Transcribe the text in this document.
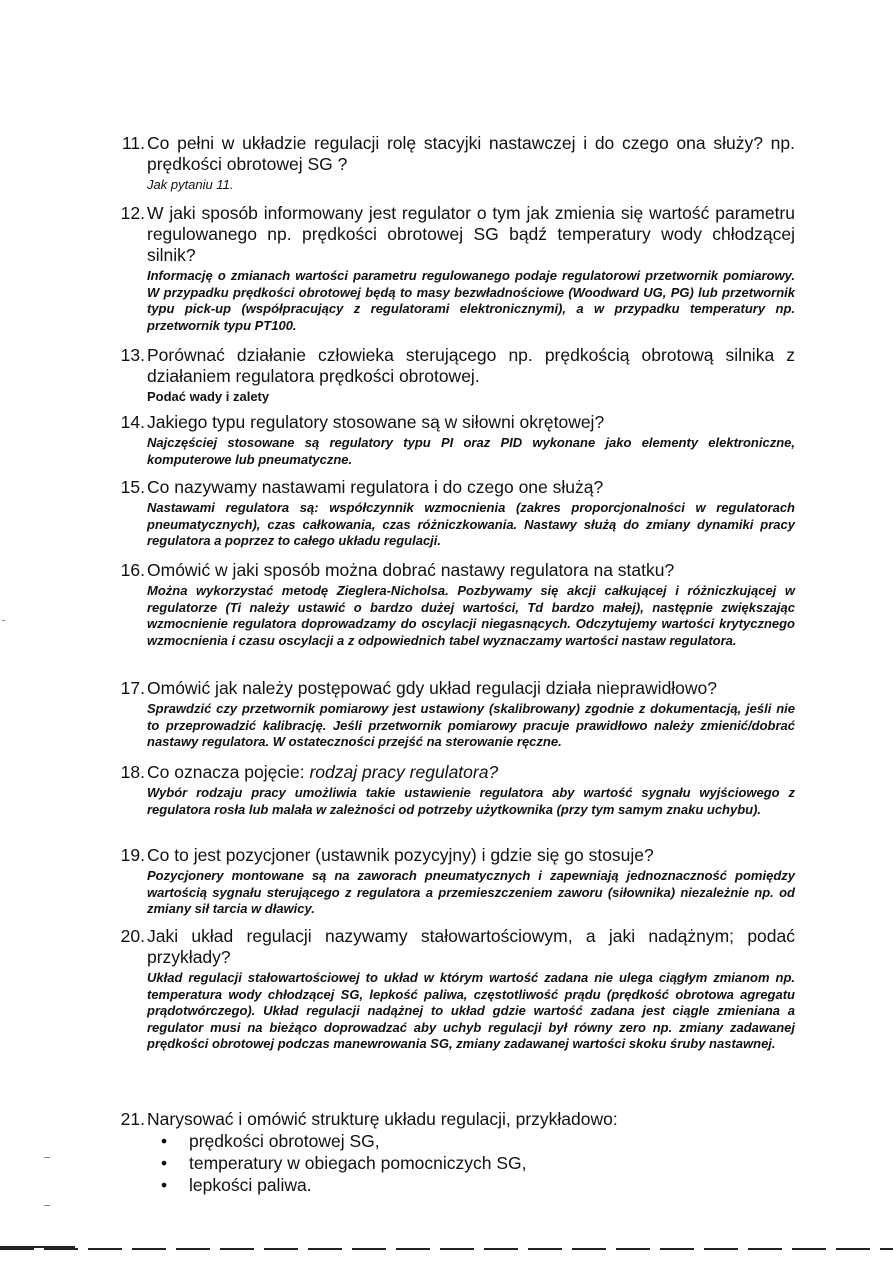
11. Co pełni w układzie regulacji rolę stacyjki nastawczej i do czego ona służy? np. prędkości obrotowej SG ?
Jak pytaniu 11.
12. W jaki sposób informowany jest regulator o tym jak zmienia się wartość parametru regulowanego np. prędkości obrotowej SG bądź temperatury wody chłodzącej silnik?
Informację o zmianach wartości parametru regulowanego podaje regulatorowi przetwornik pomiarowy. W przypadku prędkości obrotowej będą to masy bezwładnościowe (Woodward UG, PG) lub przetwornik typu pick-up (współpracujący z regulatorami elektronicznymi), a w przypadku temperatury np. przetwornik typu PT100.
13. Porównać działanie człowieka sterującego np. prędkością obrotową silnika z działaniem regulatora prędkości obrotowej.
Podać wady i zalety
14. Jakiego typu regulatory stosowane są w siłowni okrętowej?
Najczęściej stosowane są regulatory typu PI oraz PID wykonane jako elementy elektroniczne, komputerowe lub pneumatyczne.
15. Co nazywamy nastawami regulatora i do czego one służą?
Nastawami regulatora są: współczynnik wzmocnienia (zakres proporcjonalności w regulatorach pneumatycznych), czas całkowania, czas różniczkowania. Nastawy służą do zmiany dynamiki pracy regulatora a poprzez to całego układu regulacji.
16. Omówić w jaki sposób można dobrać nastawy regulatora na statku?
Można wykorzystać metodę Zieglera-Nicholsa. Pozbywamy się akcji całkującej i różniczkującej w regulatorze (Ti należy ustawić o bardzo dużej wartości, Td bardzo małej), następnie zwiększając wzmocnienie regulatora doprowadzamy do oscylacji niegasnących. Odczytujemy wartości krytycznego wzmocnienia i czasu oscylacji a z odpowiednich tabel wyznaczamy wartości nastaw regulatora.
17. Omówić jak należy postępować gdy układ regulacji działa nieprawidłowo?
Sprawdzić czy przetwornik pomiarowy jest ustawiony (skalibrowany) zgodnie z dokumentacją, jeśli nie to przeprowadzić kalibrację. Jeśli przetwornik pomiarowy pracuje prawidłowo należy zmienić/dobrać nastawy regulatora. W ostateczności przejść na sterowanie ręczne.
18. Co oznacza pojęcie: rodzaj pracy regulatora?
Wybór rodzaju pracy umożliwia takie ustawienie regulatora aby wartość sygnału wyjściowego z regulatora rosła lub malała w zależności od potrzeby użytkownika (przy tym samym znaku uchybu).
19. Co to jest pozycjoner (ustawnik pozycyjny) i gdzie się go stosuje?
Pozycjonery montowane są na zaworach pneumatycznych i zapewniają jednoznaczność pomiędzy wartością sygnału sterującego z regulatora a przemieszczeniem zaworu (siłownika) niezależnie np. od zmiany sił tarcia w dławicy.
20. Jaki układ regulacji nazywamy stałowartościowym, a jaki nadążnym; podać przykłady?
Układ regulacji stałowartościowej to układ w którym wartość zadana nie ulega ciągłym zmianom np. temperatura wody chłodzącej SG, lepkość paliwa, częstotliwość prądu (prędkość obrotowa agregatu prądotwórczego). Układ regulacji nadążnej to układ gdzie wartość zadana jest ciągle zmieniana a regulator musi na bieżąco doprowadzać aby uchyb regulacji był równy zero np. zmiany zadawanej prędkości obrotowej podczas manewrowania SG, zmiany zadawanej wartości skoku śruby nastawnej.
21. Narysować i omówić strukturę układu regulacji, przykładowo:
• prędkości obrotowej SG,
• temperatury w obiegach pomocniczych SG,
• lepkości paliwa.
